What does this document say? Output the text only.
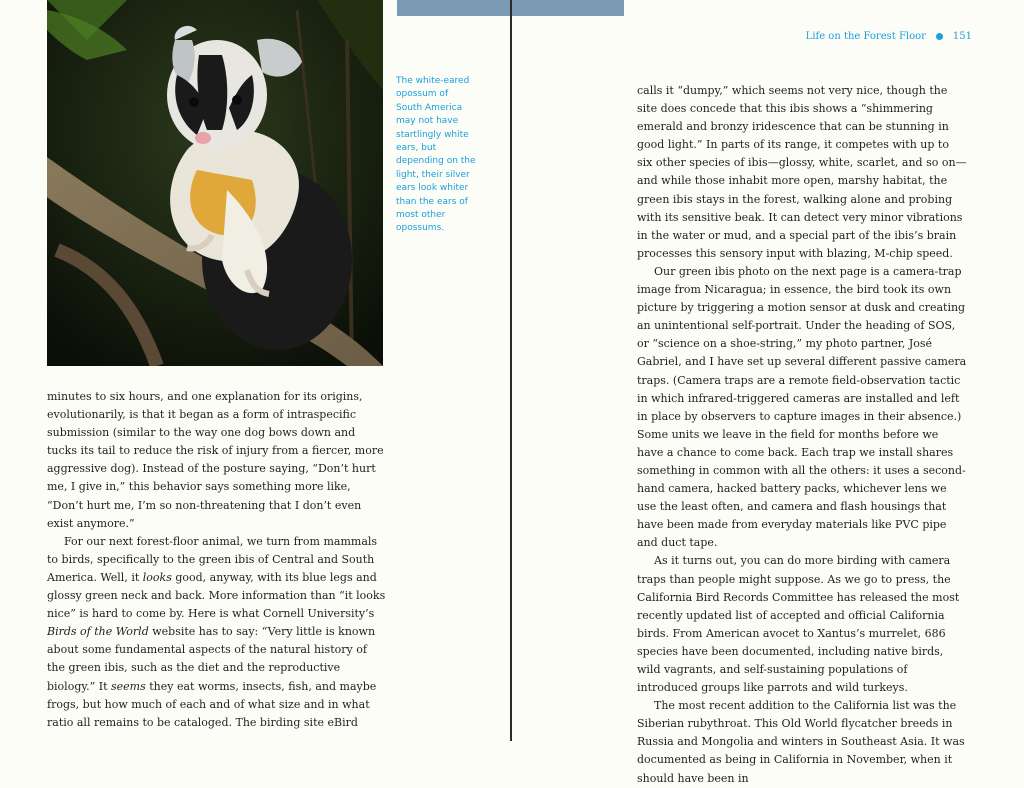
The white-eared opossum of South America may not have startlingly white ears, but depending on the light, their silver ears look whiter than the ears of most other opossums.
Life on the Forest Floor	151

minutes to six hours, and one explanation for its origins, evolutionarily, is that it began as a form of intraspecific submission (similar to the way one dog bows down and tucks its tail to reduce the risk of injury from a fiercer, more aggressive dog). Instead of the posture saying, “Don’t hurt me, I give in,” this behavior says something more like, “Don’t hurt me, I’m so non-threatening that I don’t even exist anymore.”

For our next forest-floor animal, we turn from mammals to birds, specifically to the green ibis of Central and South America. Well, it looks good, anyway, with its blue legs and glossy green neck and back. More information than “it looks nice” is hard to come by. Here is what Cornell University’s Birds of the World website has to say: “Very little is known about some fundamental aspects of the natural history of the green ibis, such as the diet and the reproductive biology.” It seems they eat worms, insects, fish, and maybe frogs, but how much of each and of what size and in what ratio all remains to be cataloged. The birding site eBird

calls it “dumpy,” which seems not very nice, though the site does concede that this ibis shows a “shimmering emerald and bronzy iridescence that can be stunning in good light.” In parts of its range, it competes with up to six other species of ibis—glossy, white, scarlet, and so on—and while those inhabit more open, marshy habitat, the green ibis stays in the forest, walking alone and probing with its sensitive beak. It can detect very minor vibrations in the water or mud, and a special part of the ibis’s brain processes this sensory input with blazing, M-chip speed.

Our green ibis photo on the next page is a camera-trap image from Nicaragua; in essence, the bird took its own picture by triggering a motion sensor at dusk and creating an unintentional self-portrait. Under the heading of SOS, or “science on a shoe-string,” my photo partner, José Gabriel, and I have set up several different passive camera traps. (Camera traps are a remote field-observation tactic in which infrared-triggered cameras are installed and left in place by observers to capture images in their absence.) Some units we leave in the field for months before we have a chance to come back. Each trap we install shares something in common with all the others: it uses a second-hand camera, hacked battery packs, whichever lens we use the least often, and camera and flash housings that have been made from everyday materials like PVC pipe and duct tape.

As it turns out, you can do more birding with camera traps than people might suppose. As we go to press, the California Bird Records Committee has released the most recently updated list of accepted and official California birds. From American avocet to Xantus’s murrelet, 686 species have been documented, including native birds, wild vagrants, and self-sustaining populations of introduced groups like parrots and wild turkeys.

The most recent addition to the California list was the Siberian rubythroat. This Old World flycatcher breeds in Russia and Mongolia and winters in Southeast Asia. It was documented as being in California in November, when it should have been in
